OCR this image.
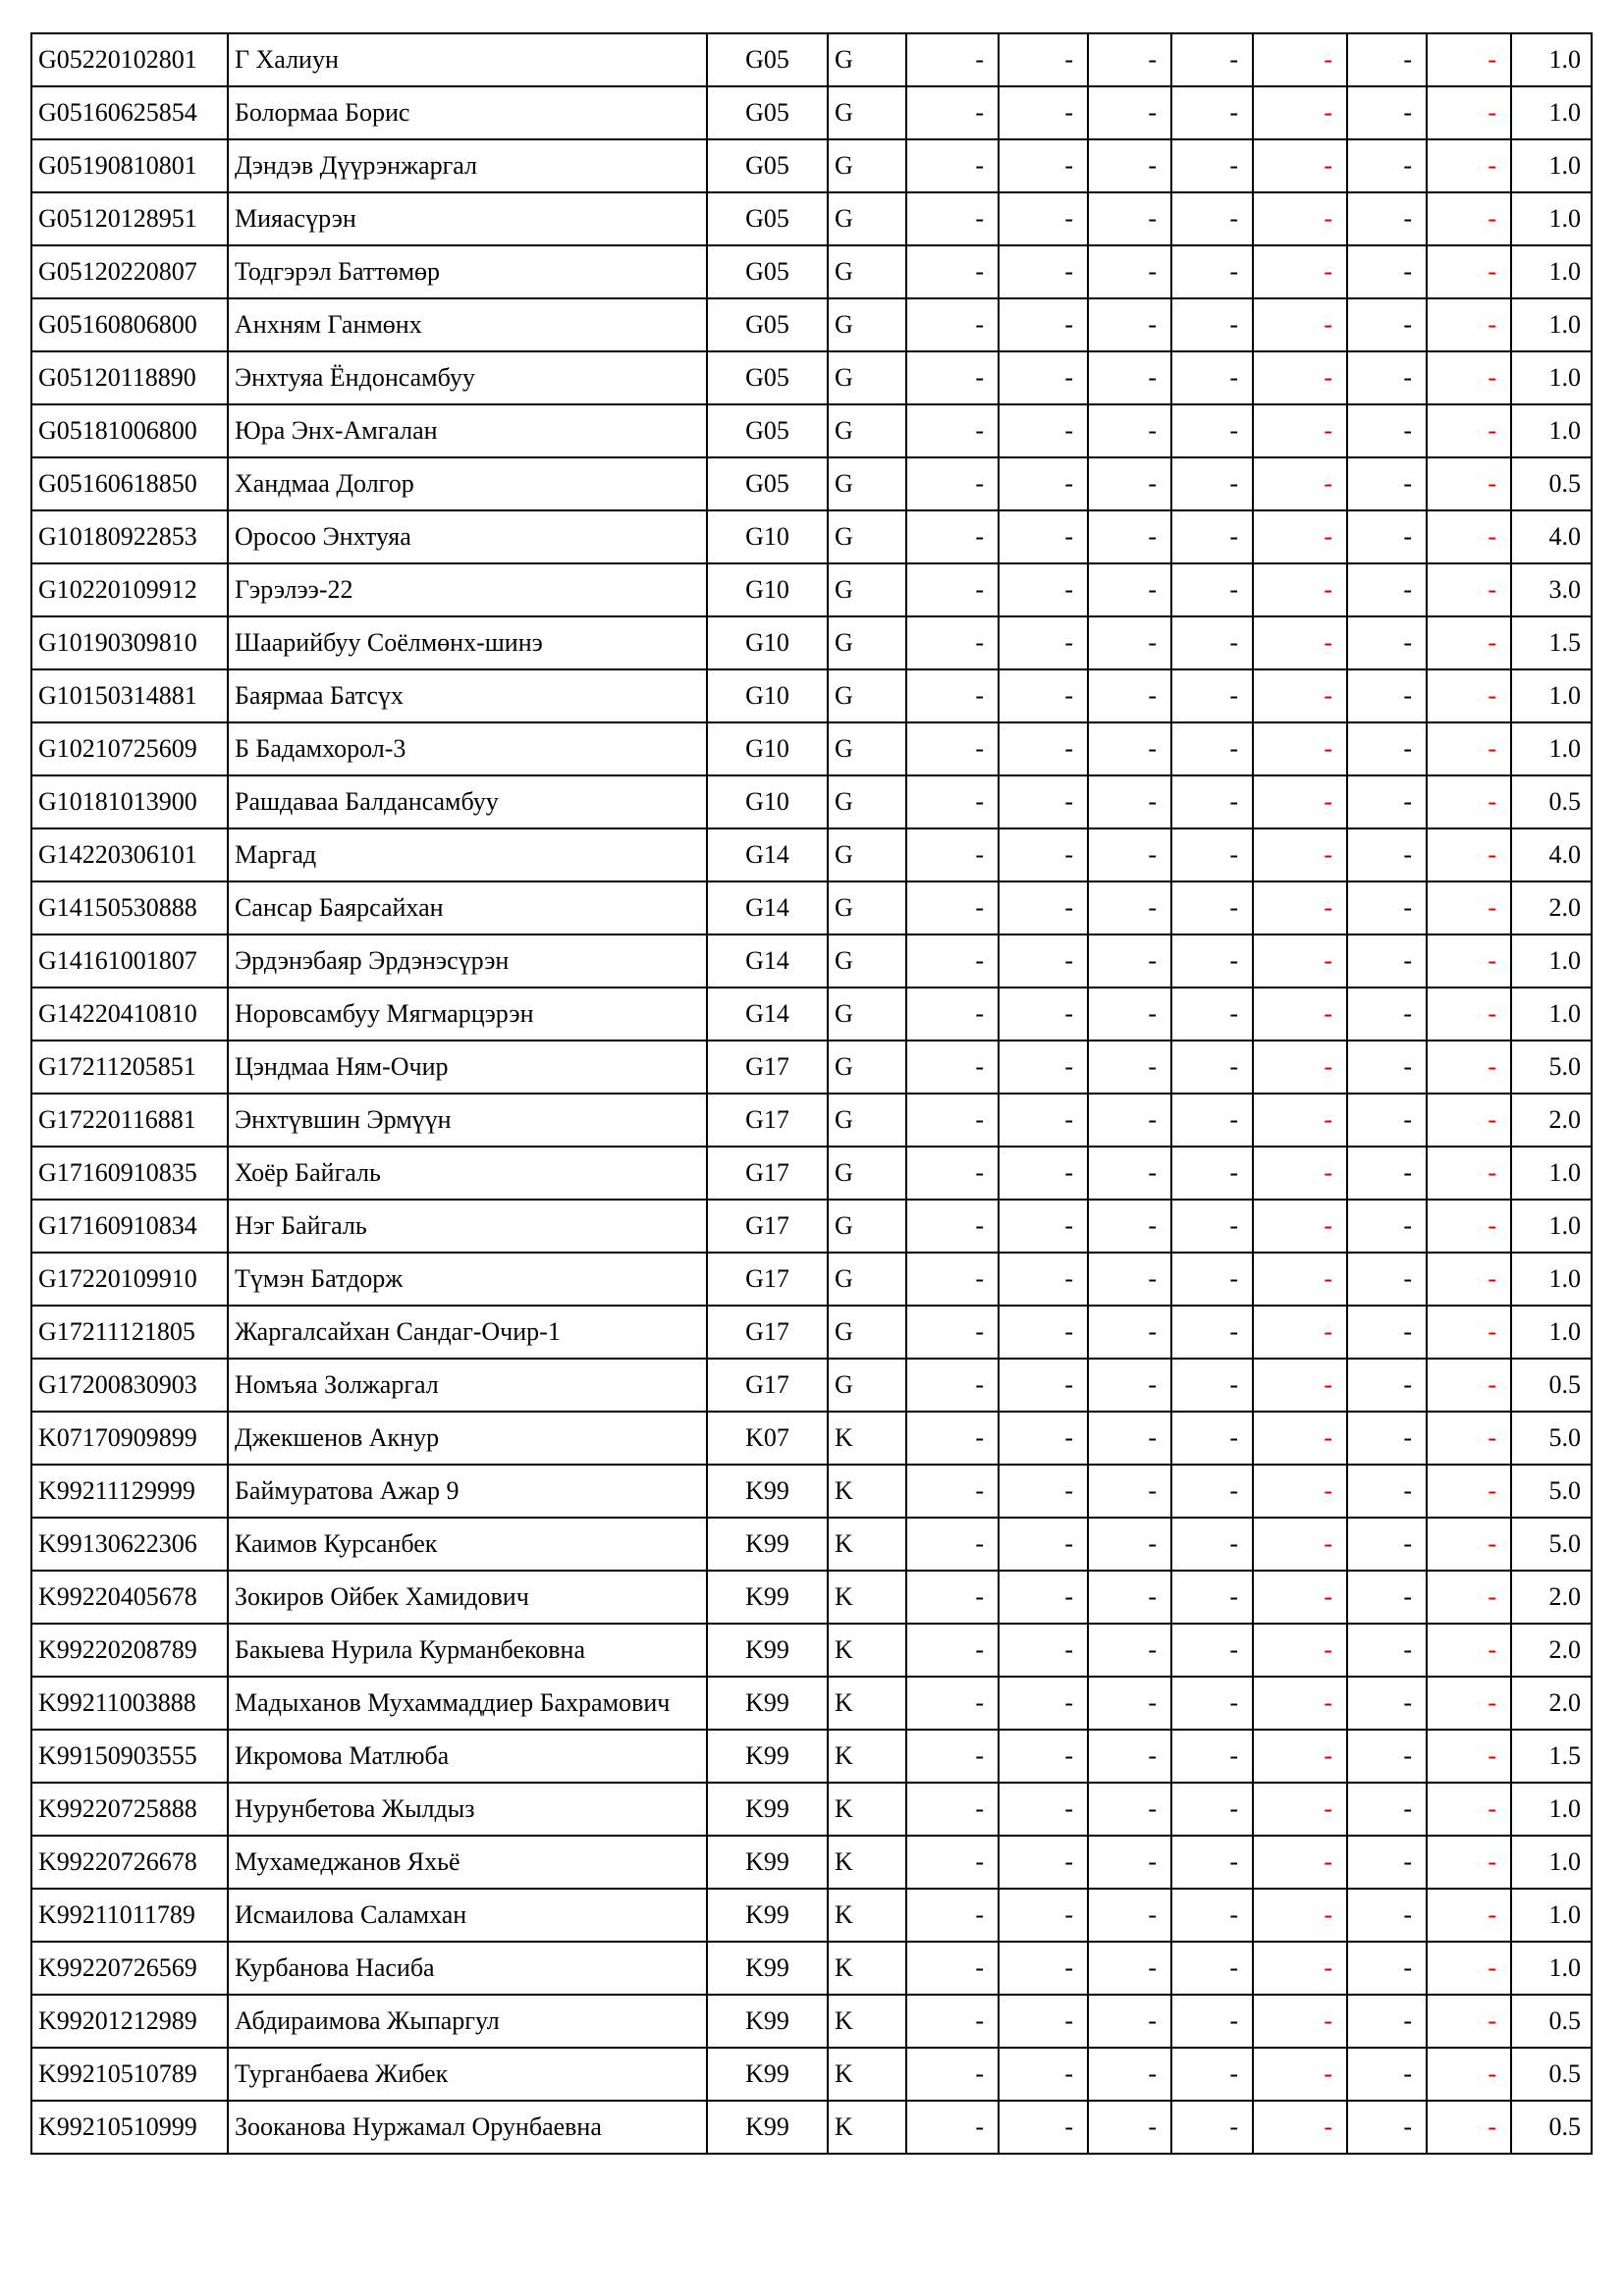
G05220102801	Г Халиун	G05	G	-	-	-	-	-	-	-	1.0
G05160625854	Болормаа Борис	G05	G	-	-	-	-	-	-	-	1.0
G05190810801	Дэндэв Дүүрэнжаргал	G05	G	-	-	-	-	-	-	-	1.0
G05120128951	Мияасүрэн	G05	G	-	-	-	-	-	-	-	1.0
G05120220807	Тодгэрэл Баттөмөр	G05	G	-	-	-	-	-	-	-	1.0
G05160806800	Анхням Ганмөнх	G05	G	-	-	-	-	-	-	-	1.0
G05120118890	Энхтуяа Ёндонсамбуу	G05	G	-	-	-	-	-	-	-	1.0
G05181006800	Юра Энх-Амгалан	G05	G	-	-	-	-	-	-	-	1.0
G05160618850	Хандмаа Долгор	G05	G	-	-	-	-	-	-	-	0.5
G10180922853	Оросоо Энхтуяа	G10	G	-	-	-	-	-	-	-	4.0
G10220109912	Гэрэлээ-22	G10	G	-	-	-	-	-	-	-	3.0
G10190309810	Шаарийбуу Соёлмөнх-шинэ	G10	G	-	-	-	-	-	-	-	1.5
G10150314881	Баярмаа Батсүх	G10	G	-	-	-	-	-	-	-	1.0
G10210725609	Б Бадамхорол-3	G10	G	-	-	-	-	-	-	-	1.0
G10181013900	Рашдаваа Балдансамбуу	G10	G	-	-	-	-	-	-	-	0.5
G14220306101	Маргад	G14	G	-	-	-	-	-	-	-	4.0
G14150530888	Сансар Баярсайхан	G14	G	-	-	-	-	-	-	-	2.0
G14161001807	Эрдэнэбаяр Эрдэнэсүрэн	G14	G	-	-	-	-	-	-	-	1.0
G14220410810	Норовсамбуу Мягмарцэрэн	G14	G	-	-	-	-	-	-	-	1.0
G17211205851	Цэндмаа Ням-Очир	G17	G	-	-	-	-	-	-	-	5.0
G17220116881	Энхтүвшин Эрмүүн	G17	G	-	-	-	-	-	-	-	2.0
G17160910835	Хоёр Байгаль	G17	G	-	-	-	-	-	-	-	1.0
G17160910834	Нэг Байгаль	G17	G	-	-	-	-	-	-	-	1.0
G17220109910	Түмэн Батдорж	G17	G	-	-	-	-	-	-	-	1.0
G17211121805	Жаргалсайхан Сандаг-Очир-1	G17	G	-	-	-	-	-	-	-	1.0
G17200830903	Номъяа Золжаргал	G17	G	-	-	-	-	-	-	-	0.5
K07170909899	Джекшенов Акнур	K07	K	-	-	-	-	-	-	-	5.0
K99211129999	Баймуратова Ажар 9	K99	K	-	-	-	-	-	-	-	5.0
K99130622306	Каимов Курсанбек	K99	K	-	-	-	-	-	-	-	5.0
K99220405678	Зокиров Ойбек Хамидович	K99	K	-	-	-	-	-	-	-	2.0
K99220208789	Бакыева Нурила Курманбековна	K99	K	-	-	-	-	-	-	-	2.0
K99211003888	Мадыханов Мухаммаддиер Бахрамович	K99	K	-	-	-	-	-	-	-	2.0
K99150903555	Икромова Матлюба	K99	K	-	-	-	-	-	-	-	1.5
K99220725888	Нурунбетова Жылдыз	K99	K	-	-	-	-	-	-	-	1.0
K99220726678	Мухамеджанов Яхьё	K99	K	-	-	-	-	-	-	-	1.0
K99211011789	Исмаилова Саламхан	K99	K	-	-	-	-	-	-	-	1.0
K99220726569	Курбанова Насиба	K99	K	-	-	-	-	-	-	-	1.0
K99201212989	Абдираимова Жыпаргул	K99	K	-	-	-	-	-	-	-	0.5
K99210510789	Турганбаева Жибек	K99	K	-	-	-	-	-	-	-	0.5
K99210510999	Зооканова Нуржамал Орунбаевна	K99	K	-	-	-	-	-	-	-	0.5
